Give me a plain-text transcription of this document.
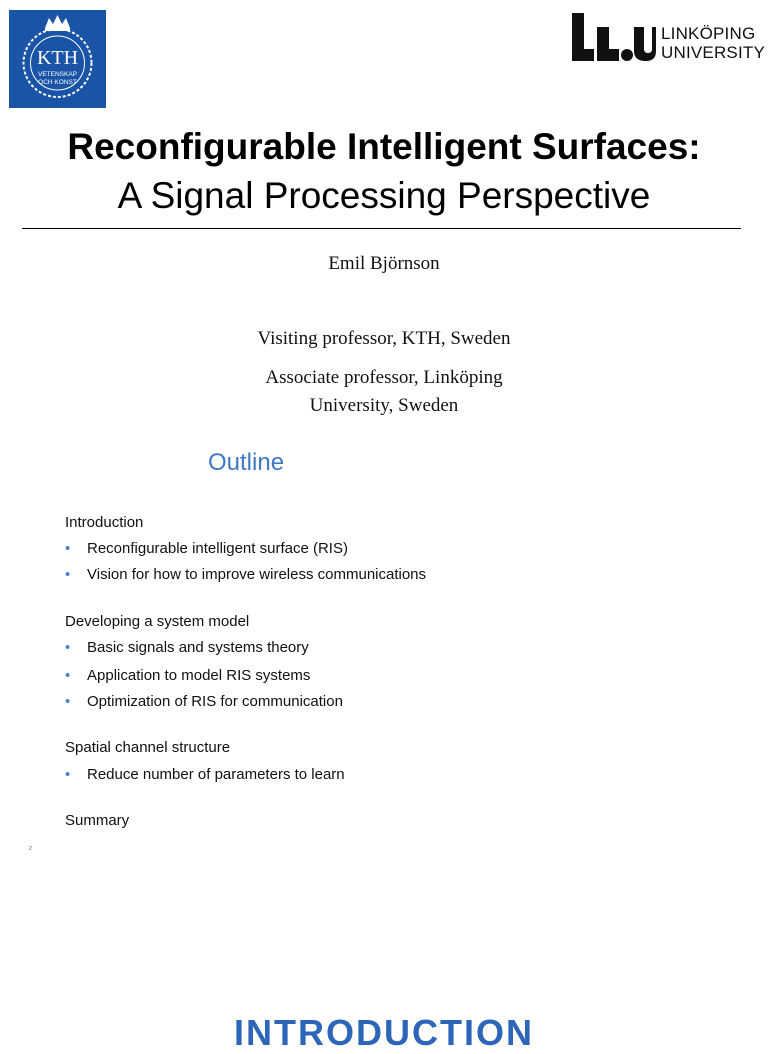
KTH
VETENSKAP
OCH KONST
LINKÖPING
UNIVERSITY
Reconfigurable Intelligent Surfaces:
A Signal Processing Perspective
Emil Björnson
Visiting professor, KTH, Sweden
Associate professor, Linköping
University, Sweden
Outline
Introduction
• Reconfigurable intelligent surface (RIS)
• Vision for how to improve wireless communications
Developing a system model
• Basic signals and systems theory
• Application to model RIS systems
• Optimization of RIS for communication
Spatial channel structure
• Reduce number of parameters to learn
Summary
2
INTRODUCTION
